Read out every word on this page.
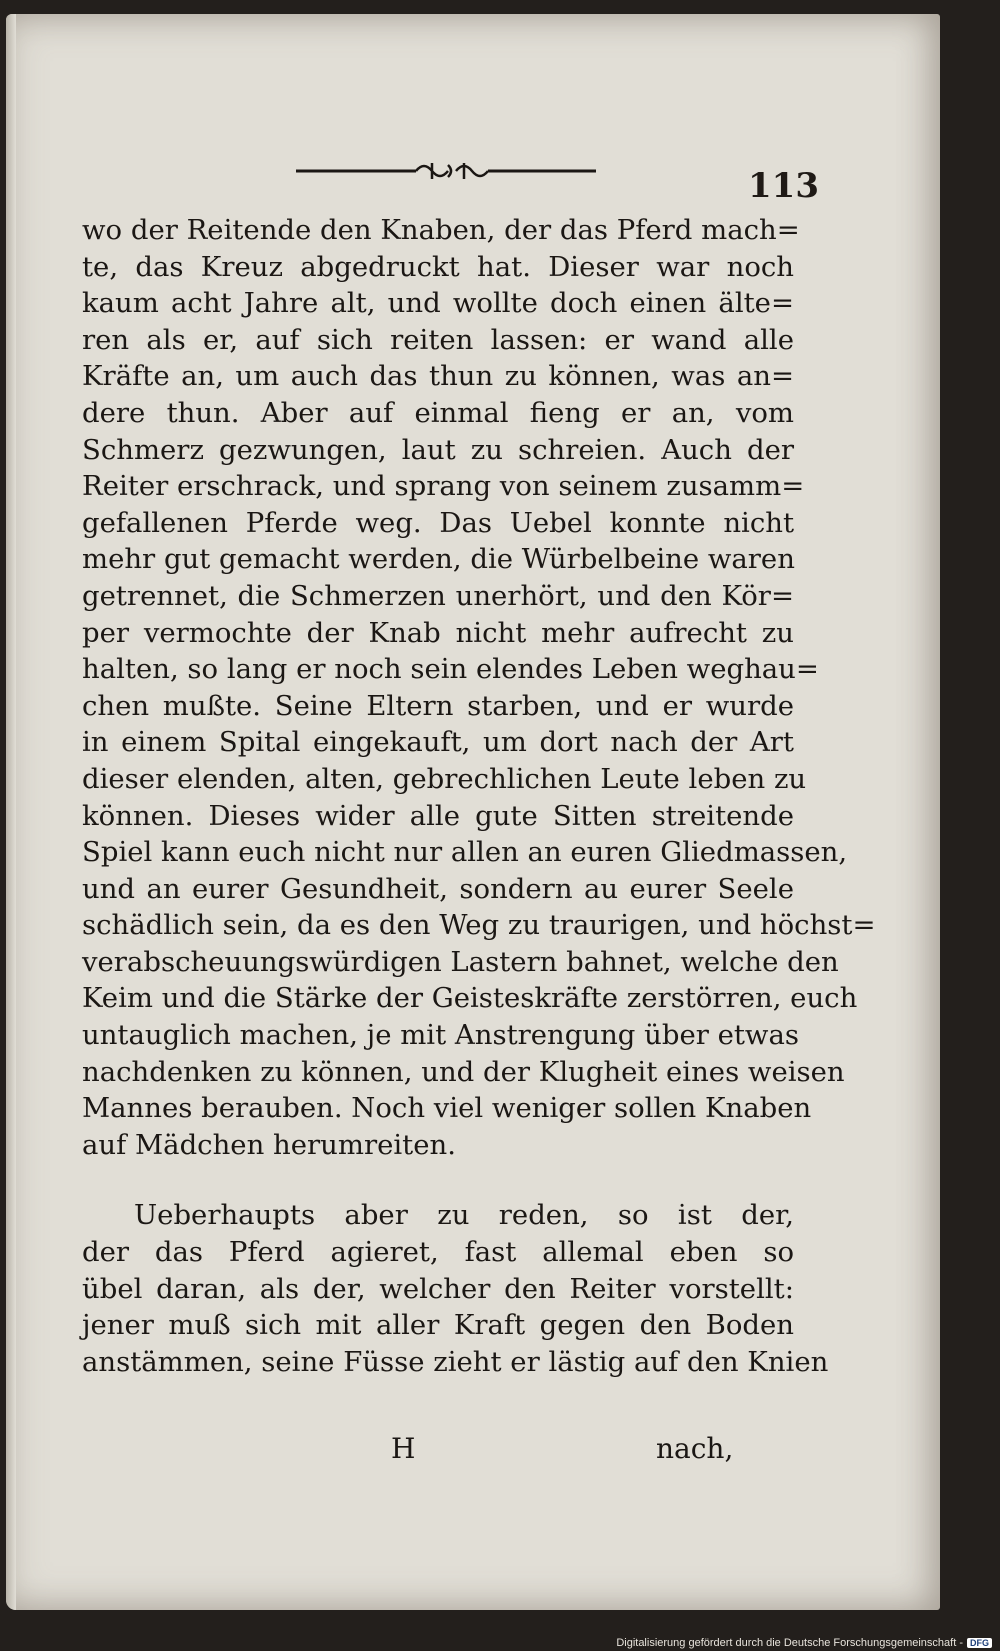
113
wo der Reitende den Knaben, der das Pferd mach=
te, das Kreuz abgedruckt hat. Dieser war noch
kaum acht Jahre alt, und wollte doch einen älte=
ren als er, auf sich reiten lassen: er wand alle
Kräfte an, um auch das thun zu können, was an=
dere thun. Aber auf einmal fieng er an, vom
Schmerz gezwungen, laut zu schreien. Auch der
Reiter erschrack, und sprang von seinem zusamm=
gefallenen Pferde weg. Das Uebel konnte nicht
mehr gut gemacht werden, die Würbelbeine waren
getrennet, die Schmerzen unerhört, und den Kör=
per vermochte der Knab nicht mehr aufrecht zu
halten, so lang er noch sein elendes Leben weghau=
chen mußte. Seine Eltern starben, und er wurde
in einem Spital eingekauft, um dort nach der Art
dieser elenden, alten, gebrechlichen Leute leben zu
können. Dieses wider alle gute Sitten streitende
Spiel kann euch nicht nur allen an euren Gliedmassen,
und an eurer Gesundheit, sondern au eurer Seele
schädlich sein, da es den Weg zu traurigen, und höchst=
verabscheuungswürdigen Lastern bahnet, welche den
Keim und die Stärke der Geisteskräfte zerstörren, euch
untauglich machen, je mit Anstrengung über etwas
nachdenken zu können, und der Klugheit eines weisen
Mannes berauben. Noch viel weniger sollen Knaben
auf Mädchen herumreiten.
Ueberhaupts aber zu reden, so ist der,
der das Pferd agieret, fast allemal eben so
übel daran, als der, welcher den Reiter vorstellt:
jener muß sich mit aller Kraft gegen den Boden
anstämmen, seine Füsse zieht er lästig auf den Knien
H	nach,
Digitalisierung gefördert durch die Deutsche Forschungsgemeinschaft - DFG
